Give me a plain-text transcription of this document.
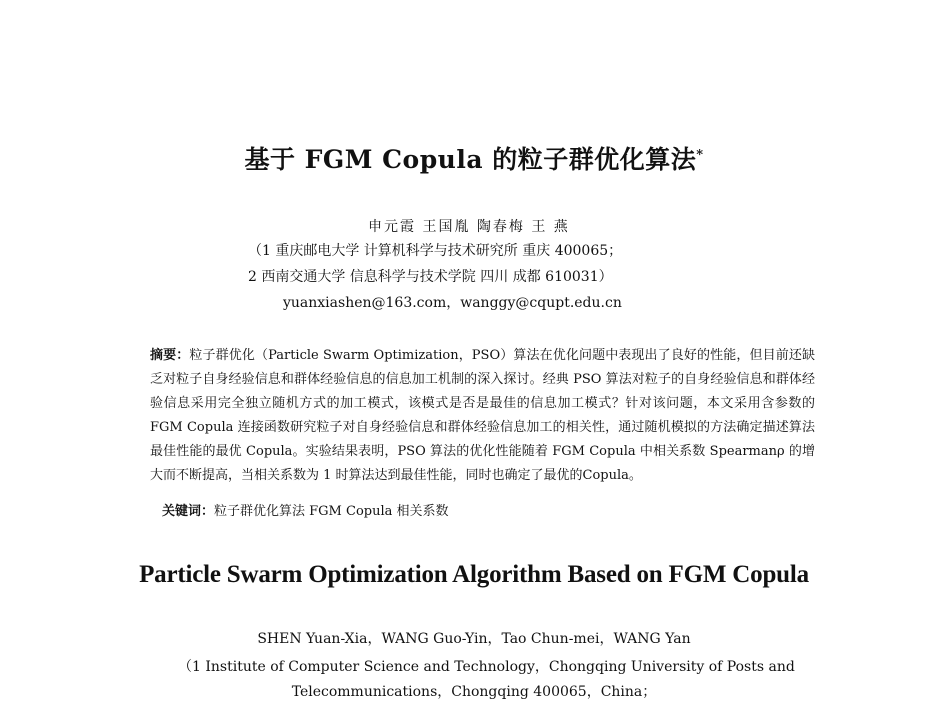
基于 FGM Copula 的粒子群优化算法*
申元霞 王国胤 陶春梅 王 燕
（1 重庆邮电大学 计算机科学与技术研究所 重庆 400065；
2 西南交通大学 信息科学与技术学院 四川 成都 610031）
yuanxiashen@163.com，wanggy@cqupt.edu.cn
摘要：粒子群优化（Particle Swarm Optimization，PSO）算法在优化问题中表现出了良好的性能，但目前还缺乏对粒子自身经验信息和群体经验信息的信息加工机制的深入探讨。经典 PSO 算法对粒子的自身经验信息和群体经验信息采用完全独立随机方式的加工模式，该模式是否是最佳的信息加工模式？针对该问题，本文采用含参数的 FGM Copula 连接函数研究粒子对自身经验信息和群体经验信息加工的相关性，通过随机模拟的方法确定描述算法最佳性能的最优 Copula。实验结果表明，PSO 算法的优化性能随着 FGM Copula 中相关系数 Spearmanρ 的增大而不断提高，当相关系数为 1 时算法达到最佳性能，同时也确定了最优的Copula。
关键词：粒子群优化算法 FGM Copula 相关系数
Particle Swarm Optimization Algorithm Based on FGM Copula
SHEN Yuan-Xia，WANG Guo-Yin，Tao Chun-mei，WANG Yan
（1 Institute of Computer Science and Technology，Chongqing University of Posts and
Telecommunications，Chongqing 400065，China；
